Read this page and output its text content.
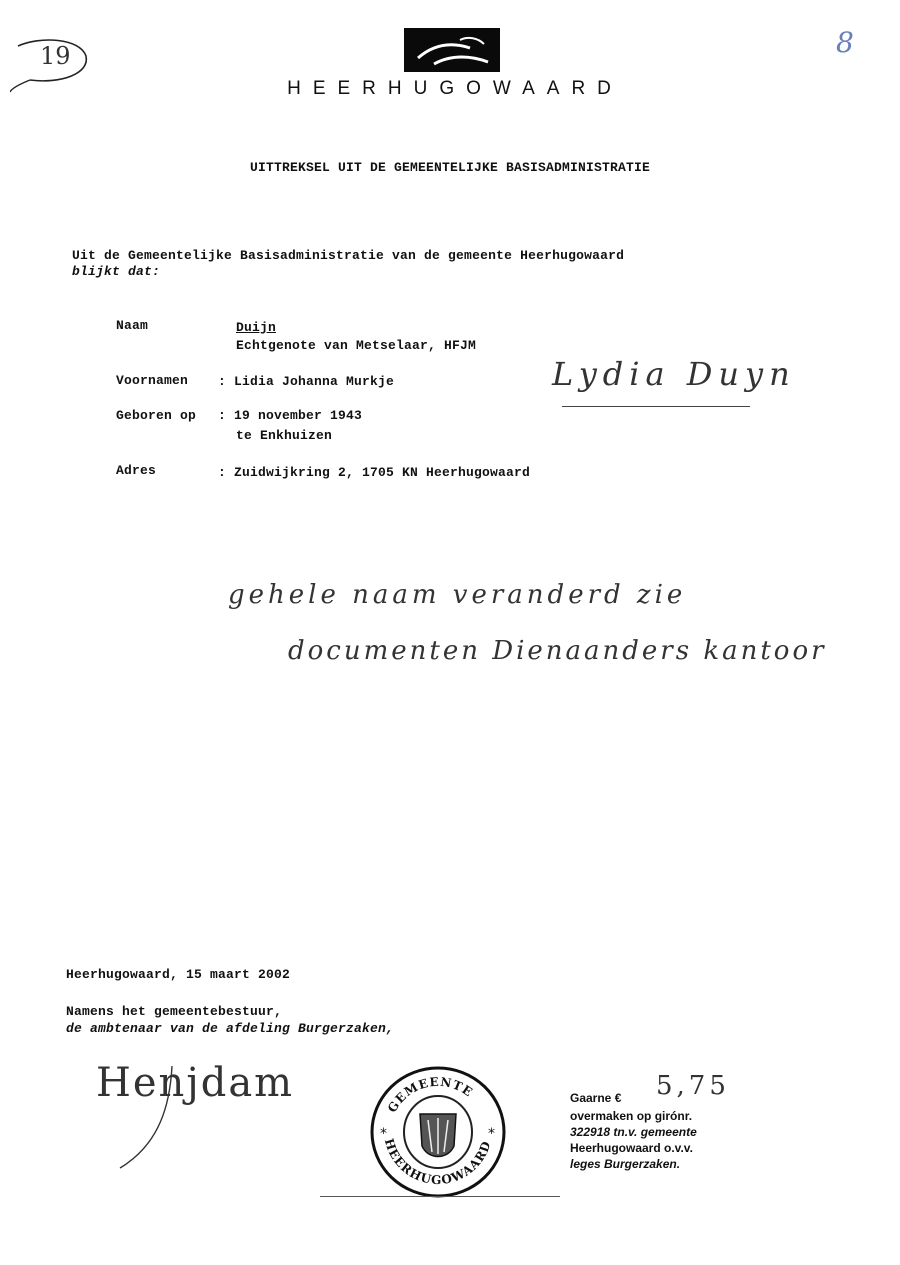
19	8
HEERHUGOWAARD
UITTREKSEL UIT DE GEMEENTELIJKE BASISADMINISTRATIE
Uit de Gemeentelijke Basisadministratie van de gemeente Heerhugowaard
blijkt dat:
Naam	Duijn
Echtgenote van Metselaar, HFJM
Voornamen : Lidia Johanna Murkje
Geboren op : 19 november 1943
te Enkhuizen
Adres	: Zuidwijkring 2, 1705 KN Heerhugowaard
Lydia Duyn
gehele naam veranderd zie
documenten Dienaanders kantoor
Heerhugowaard, 15 maart 2002
Namens het gemeentebestuur,
de ambtenaar van de afdeling Burgerzaken,
Henjdam
*	*
GEMEENTE
HEERHUGOWAARD
Gaarne € 5,75
overmaken op girónr.
322918 tn.v. gemeente
Heerhugowaard o.v.v.
leges Burgerzaken.
